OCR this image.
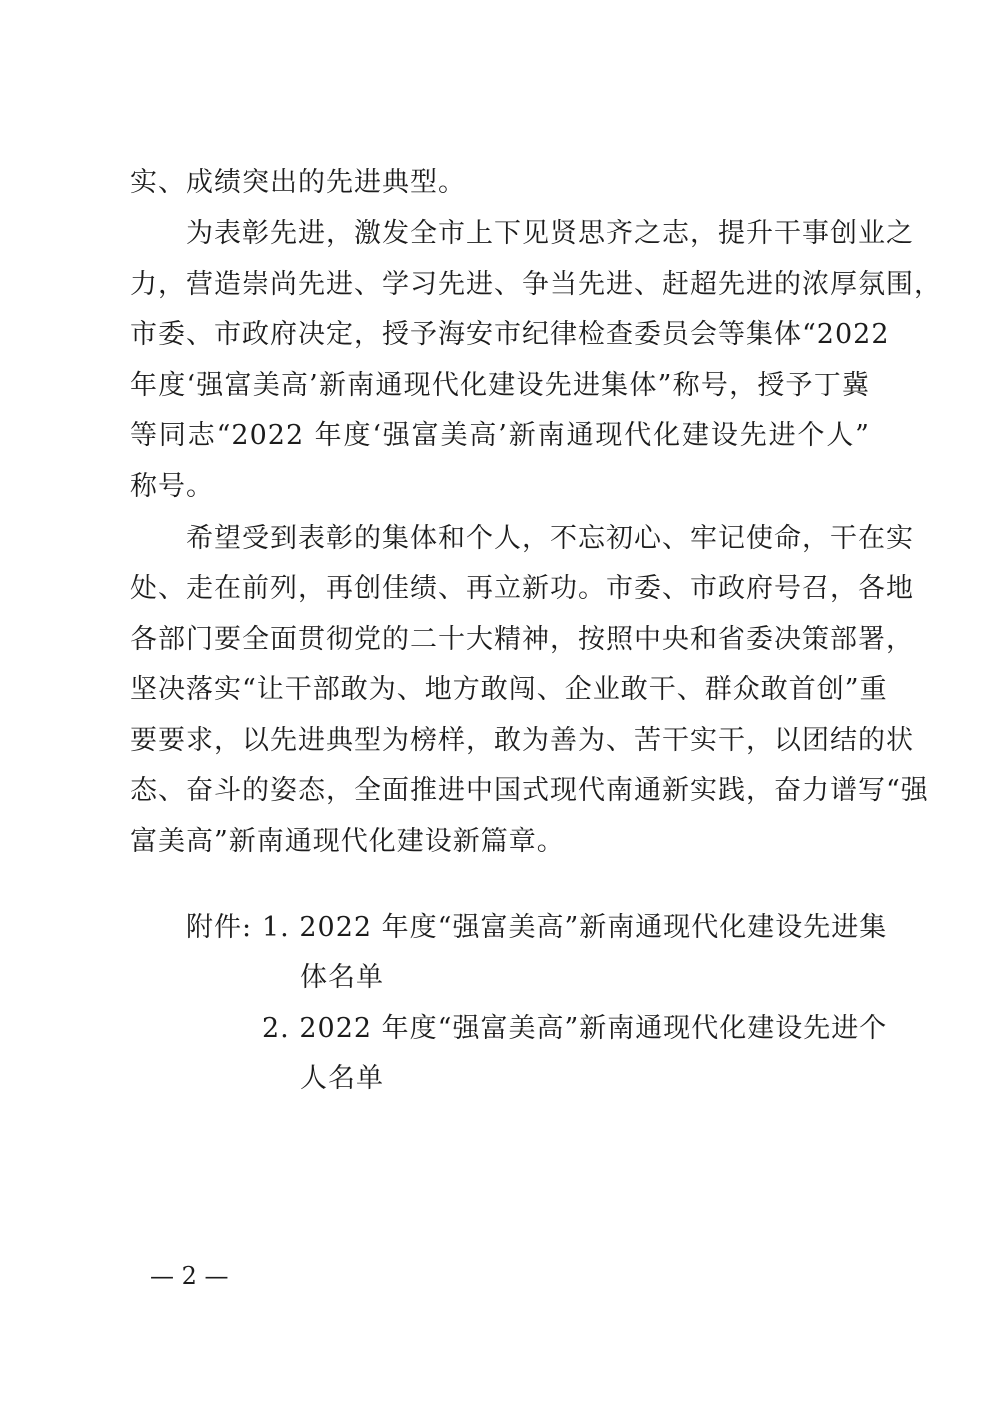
实、成绩突出的先进典型。
为表彰先进，激发全市上下见贤思齐之志，提升干事创业之
力，营造崇尚先进、学习先进、争当先进、赶超先进的浓厚氛围，
市委、市政府决定，授予海安市纪律检查委员会等集体“2022
年度‘强富美高’新南通现代化建设先进集体”称号，授予丁冀
等同志“2022 年度‘强富美高’新南通现代化建设先进个人”
称号。
希望受到表彰的集体和个人，不忘初心、牢记使命，干在实
处、走在前列，再创佳绩、再立新功。市委、市政府号召，各地
各部门要全面贯彻党的二十大精神，按照中央和省委决策部署，
坚决落实“让干部敢为、地方敢闯、企业敢干、群众敢首创”重
要要求，以先进典型为榜样，敢为善为、苦干实干，以团结的状
态、奋斗的姿态，全面推进中国式现代南通新实践，奋力谱写“强
富美高”新南通现代化建设新篇章。
附件: 1. 2022 年度“强富美高”新南通现代化建设先进集
体名单
2. 2022 年度“强富美高”新南通现代化建设先进个
人名单
— 2 —
